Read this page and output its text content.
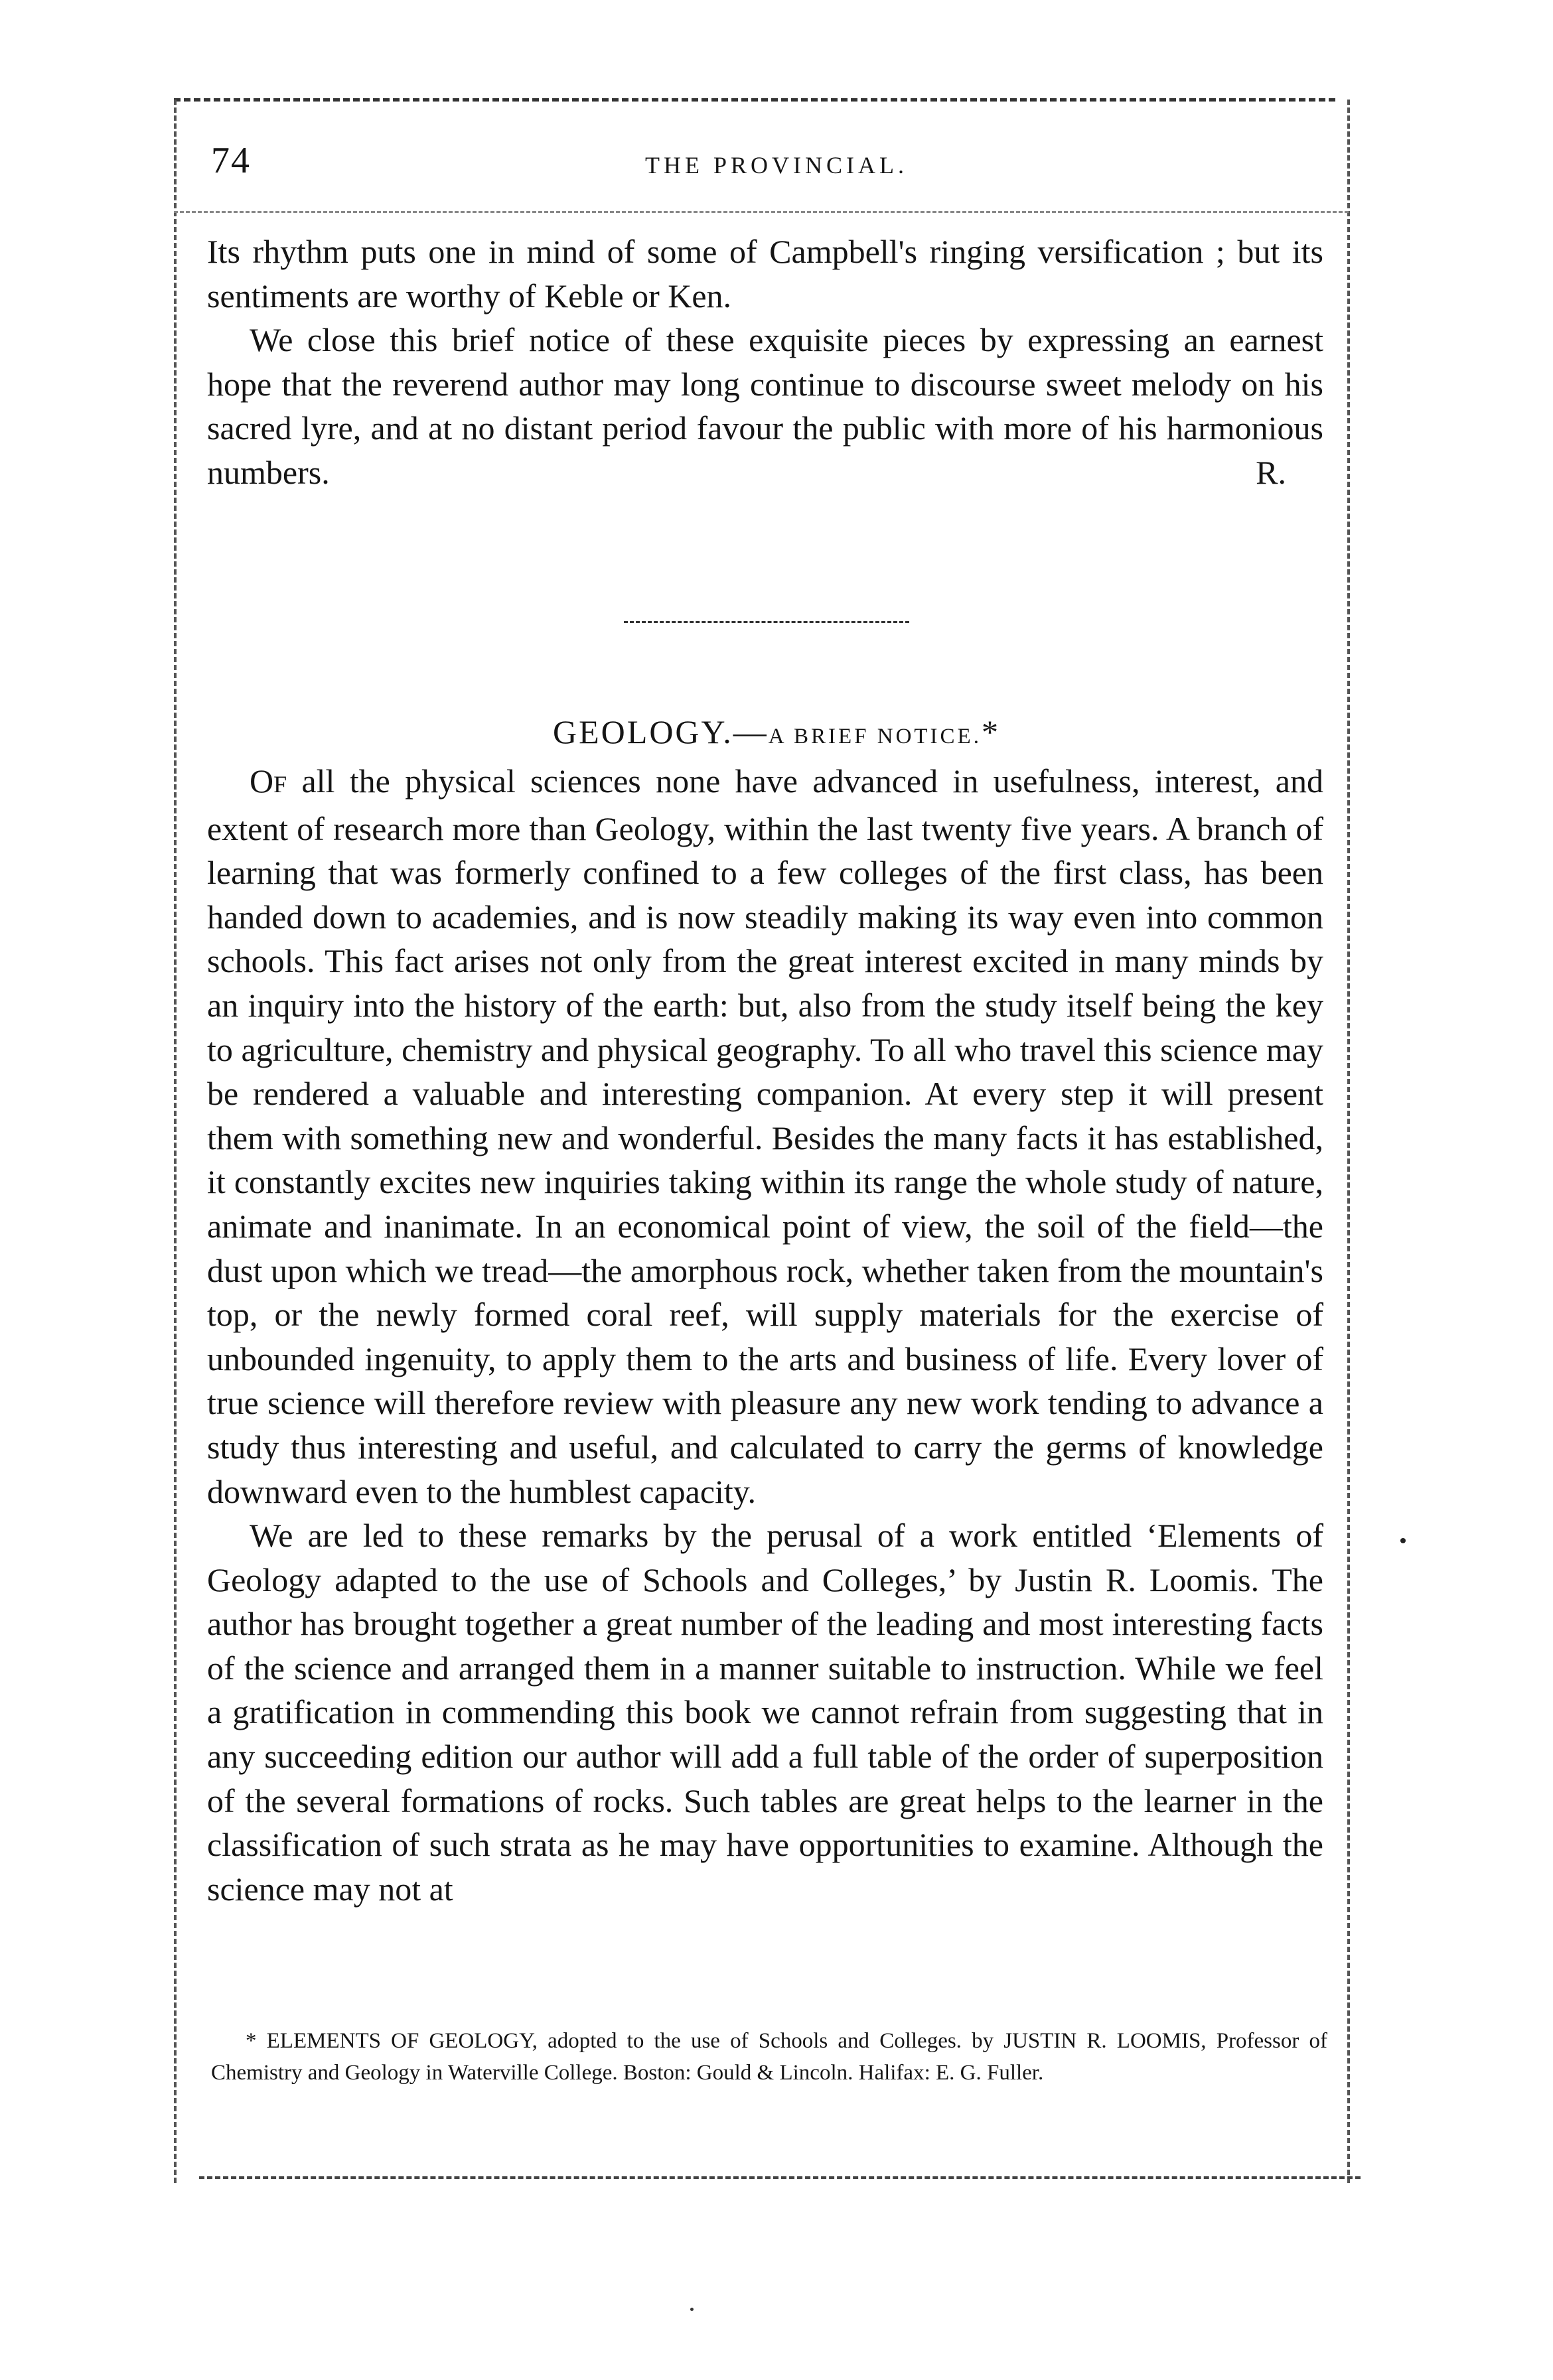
74	THE PROVINCIAL.

Its rhythm puts one in mind of some of Campbell's ringing versification ; but its sentiments are worthy of Keble or Ken.

We close this brief notice of these exquisite pieces by expressing an earnest hope that the reverend author may long continue to discourse sweet melody on his sacred lyre, and at no distant period favour the public with more of his harmonious numbers.	R.

GEOLOGY.—A BRIEF NOTICE.*

OF all the physical sciences none have advanced in usefulness, interest, and extent of research more than Geology, within the last twenty five years. A branch of learning that was formerly confined to a few colleges of the first class, has been handed down to academies, and is now steadily making its way even into common schools. This fact arises not only from the great interest excited in many minds by an inquiry into the history of the earth: but, also from the study itself being the key to agriculture, chemistry and physical geography. To all who travel this science may be rendered a valuable and interesting companion. At every step it will present them with something new and wonderful. Besides the many facts it has established, it constantly excites new inquiries taking within its range the whole study of nature, animate and inanimate. In an economical point of view, the soil of the field—the dust upon which we tread—the amorphous rock, whether taken from the mountain's top, or the newly formed coral reef, will supply materials for the exercise of unbounded ingenuity, to apply them to the arts and business of life. Every lover of true science will therefore review with pleasure any new work tending to advance a study thus interesting and useful, and calculated to carry the germs of knowledge downward even to the humblest capacity.

We are led to these remarks by the perusal of a work entitled ‘Elements of Geology adapted to the use of Schools and Colleges,’ by Justin R. Loomis. The author has brought together a great number of the leading and most interesting facts of the science and arranged them in a manner suitable to instruction. While we feel a gratification in commending this book we cannot refrain from suggesting that in any succeeding edition our author will add a full table of the order of superposition of the several formations of rocks. Such tables are great helps to the learner in the classification of such strata as he may have opportunities to examine. Although the science may not at

* ELEMENTS OF GEOLOGY, adopted to the use of Schools and Colleges. by JUSTIN R. LOOMIS, Professor of Chemistry and Geology in Waterville College. Boston: Gould & Lincoln. Halifax: E. G. Fuller.
